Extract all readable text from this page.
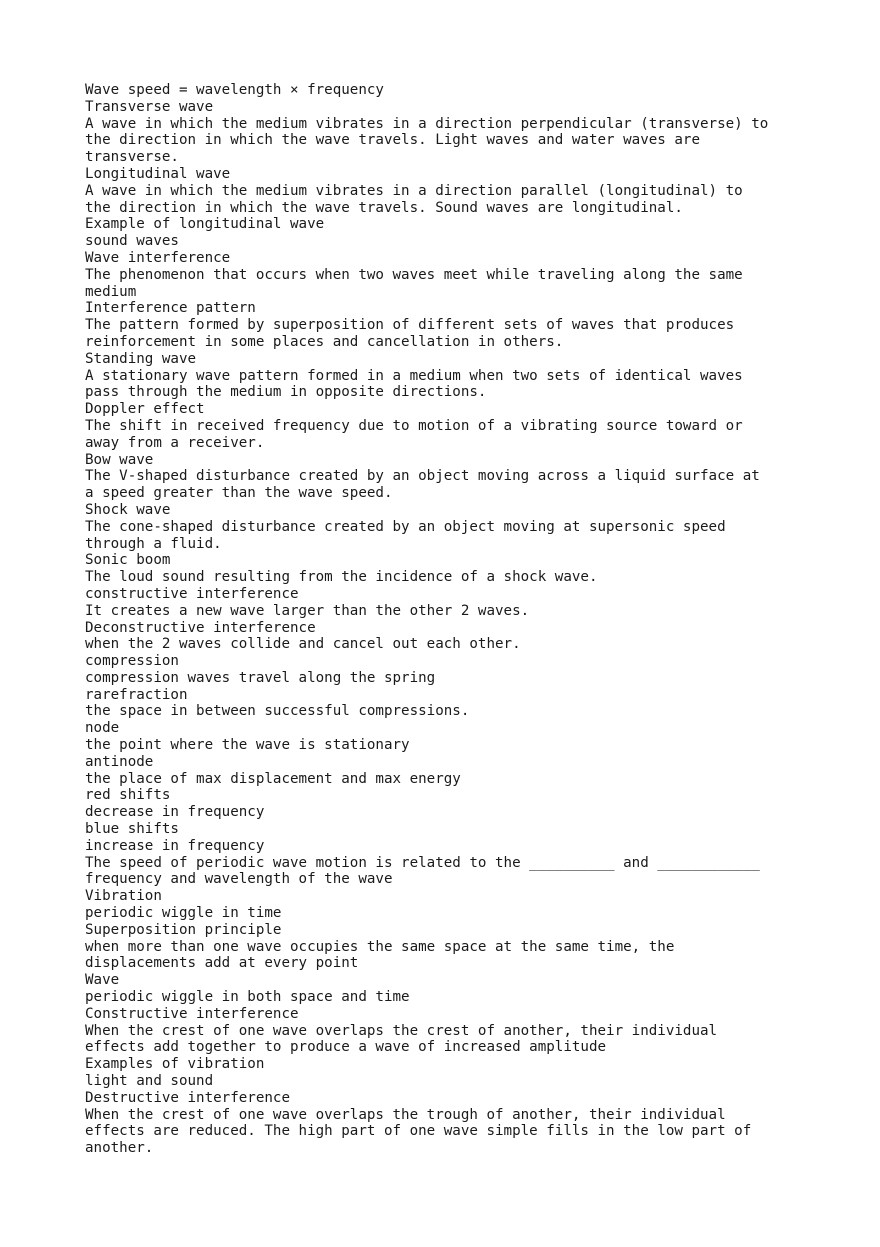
Wave speed = wavelength × frequency
Transverse wave
A wave in which the medium vibrates in a direction perpendicular (transverse) to
the direction in which the wave travels. Light waves and water waves are
transverse.
Longitudinal wave
A wave in which the medium vibrates in a direction parallel (longitudinal) to
the direction in which the wave travels. Sound waves are longitudinal.
Example of longitudinal wave
sound waves
Wave interference
The phenomenon that occurs when two waves meet while traveling along the same
medium
Interference pattern
The pattern formed by superposition of different sets of waves that produces
reinforcement in some places and cancellation in others.
Standing wave
A stationary wave pattern formed in a medium when two sets of identical waves
pass through the medium in opposite directions.
Doppler effect
The shift in received frequency due to motion of a vibrating source toward or
away from a receiver.
Bow wave
The V-shaped disturbance created by an object moving across a liquid surface at
a speed greater than the wave speed.
Shock wave
The cone-shaped disturbance created by an object moving at supersonic speed
through a fluid.
Sonic boom
The loud sound resulting from the incidence of a shock wave.
constructive interference
It creates a new wave larger than the other 2 waves.
Deconstructive interference
when the 2 waves collide and cancel out each other.
compression
compression waves travel along the spring
rarefraction
the space in between successful compressions.
node
the point where the wave is stationary
antinode
the place of max displacement and max energy
red shifts
decrease in frequency
blue shifts
increase in frequency
The speed of periodic wave motion is related to the __________ and ____________
frequency and wavelength of the wave
Vibration
periodic wiggle in time
Superposition principle
when more than one wave occupies the same space at the same time, the
displacements add at every point
Wave
periodic wiggle in both space and time
Constructive interference
When the crest of one wave overlaps the crest of another, their individual
effects add together to produce a wave of increased amplitude
Examples of vibration
light and sound
Destructive interference
When the crest of one wave overlaps the trough of another, their individual
effects are reduced. The high part of one wave simple fills in the low part of
another.
